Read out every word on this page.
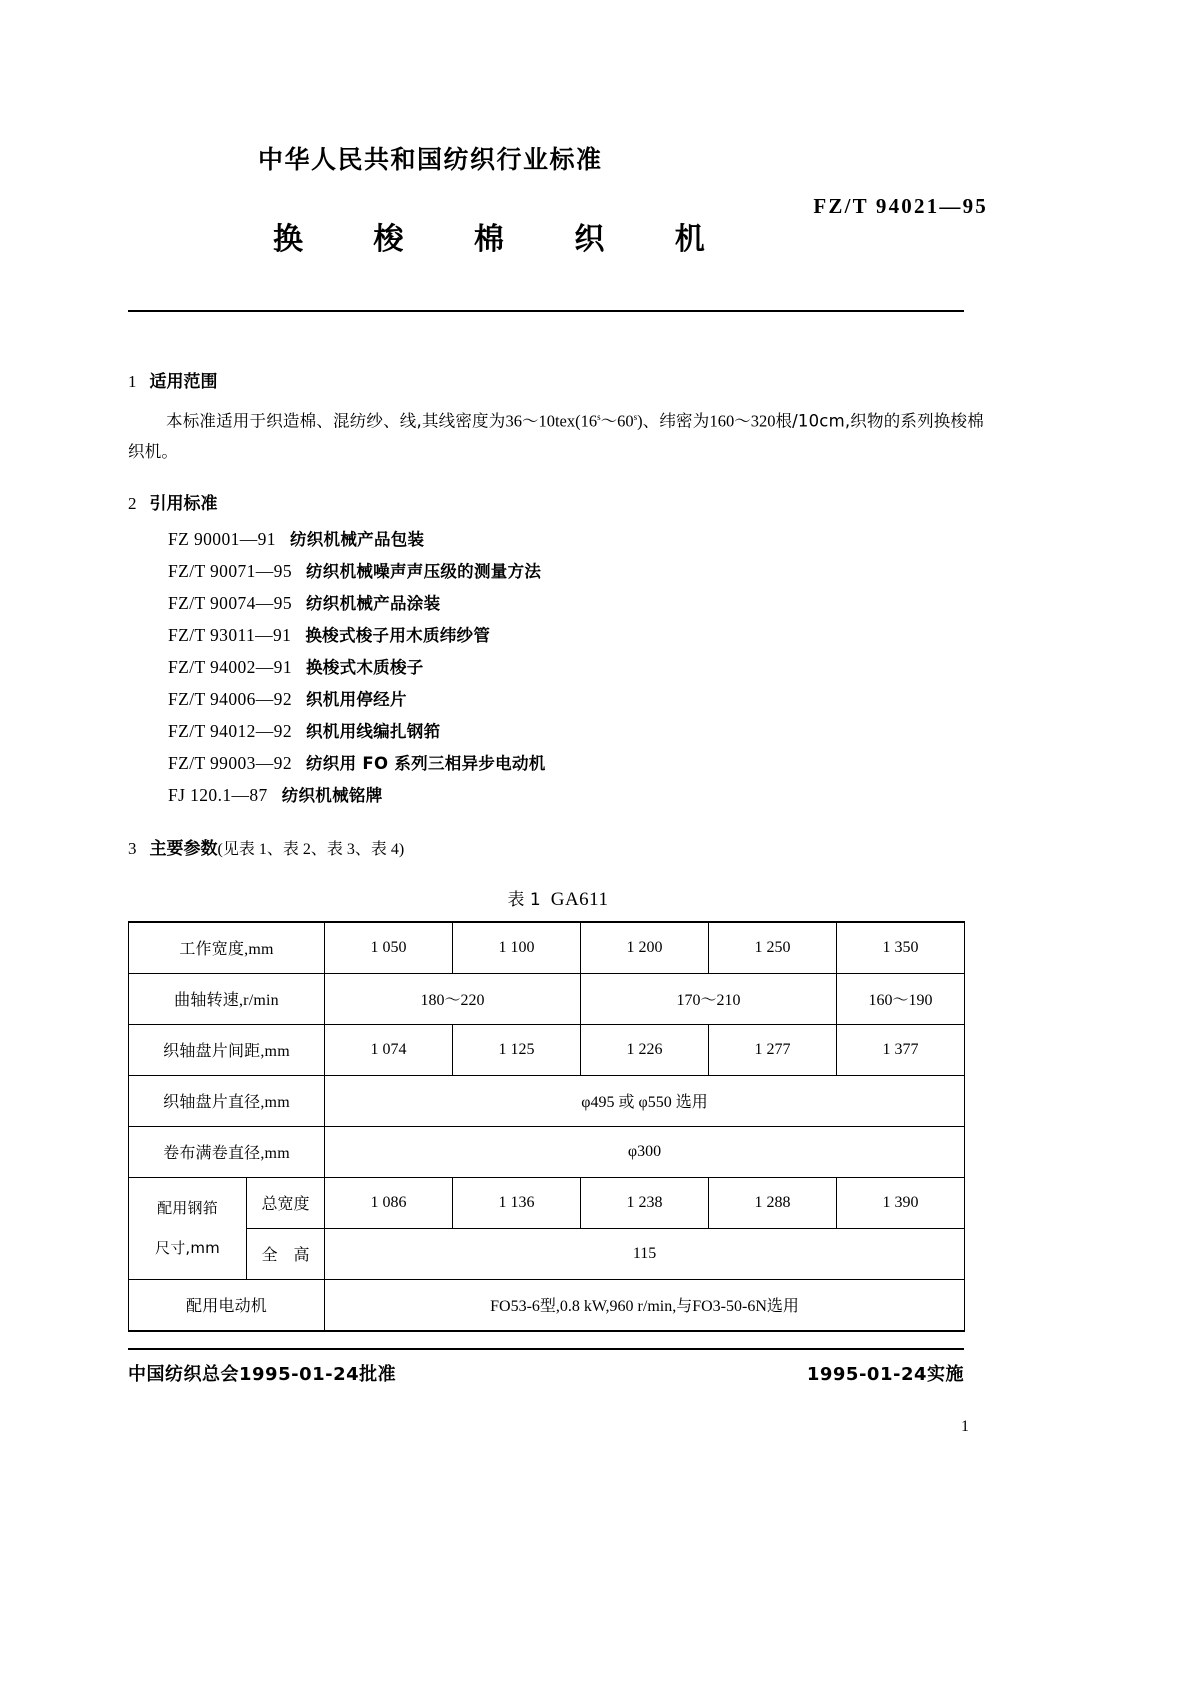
中华人民共和国纺织行业标准
FZ/T 94021—95
换 梭 棉 织 机
1 适用范围
本标准适用于织造棉、混纺纱、线,其线密度为36～10tex(16$^s$～60$^s$)、纬密为160～320根/10cm,织物的系列换梭棉织机。
2 引用标准
FZ 90001—91 纺织机械产品包装
FZ/T 90071—95 纺织机械噪声声压级的测量方法
FZ/T 90074—95 纺织机械产品涂装
FZ/T 93011—91 换梭式梭子用木质纬纱管
FZ/T 94002—91 换梭式木质梭子
FZ/T 94006—92 织机用停经片
FZ/T 94012—92 织机用线编扎钢筘
FZ/T 99003—92 纺织用 FO 系列三相异步电动机
FJ 120.1—87 纺织机械铭牌
3 主要参数(见表 1、表 2、表 3、表 4)
表 1 GA611
工作宽度,mm		1 050	1 100	1 200	1 250	1 350
曲轴转速,r/min		180～220		170～210		160～190
织轴盘片间距,mm		1 074	1 125	1 226	1 277	1 377
织轴盘片直径,mm		φ495 或 φ550 选用				
卷布满卷直径,mm		φ300				

配用钢筘
尺寸,mm	总宽度	1 086	1 136	1 238	1 288	1 390
	全　高	115				
配用电动机		FO53-6型,0.8 kW,960 r/min,与FO3-50-6N选用				
中国纺织总会1995-01-24批准	1995-01-24实施
1
